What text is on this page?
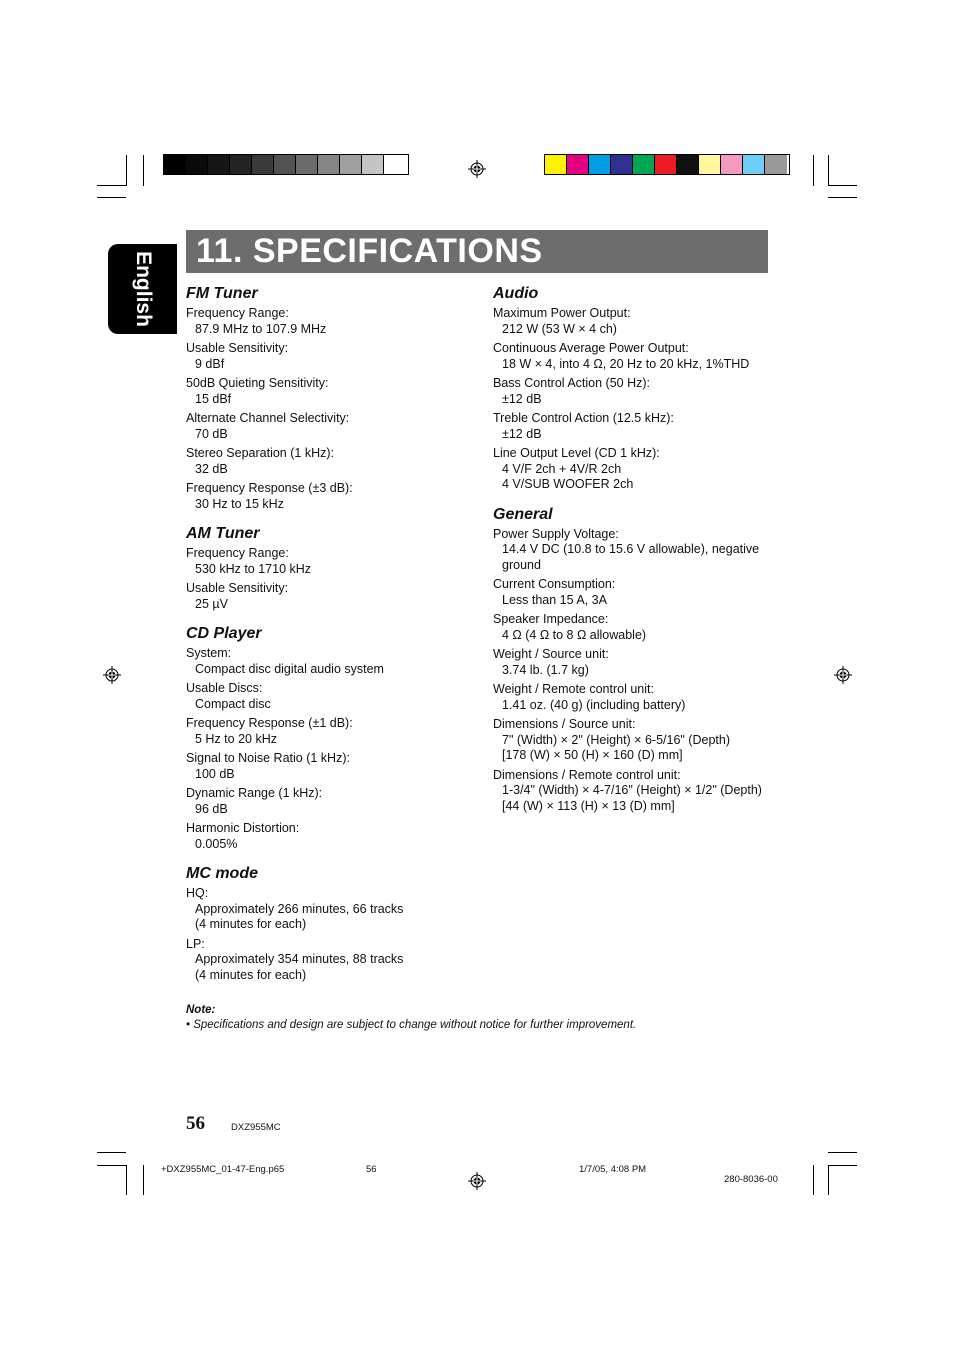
English
11. SPECIFICATIONS
FM Tuner
Frequency Range:
87.9 MHz to 107.9 MHz
Usable Sensitivity:
9 dBf
50dB Quieting Sensitivity:
15 dBf
Alternate Channel Selectivity:
70 dB
Stereo Separation (1 kHz):
32 dB
Frequency Response (±3 dB):
30 Hz to 15 kHz
AM Tuner
Frequency Range:
530 kHz to 1710 kHz
Usable Sensitivity:
25 µV
CD Player
System:
Compact disc digital audio system
Usable Discs:
Compact disc
Frequency Response (±1 dB):
5 Hz to 20 kHz
Signal to Noise Ratio (1 kHz):
100 dB
Dynamic Range (1 kHz):
96 dB
Harmonic Distortion:
0.005%
MC mode
HQ:
Approximately 266 minutes, 66 tracks
(4 minutes for each)
LP:
Approximately 354 minutes, 88 tracks
(4 minutes for each)
Audio
Maximum Power Output:
212 W (53 W × 4 ch)
Continuous Average Power Output:
18 W × 4, into 4 Ω, 20 Hz to 20 kHz, 1%THD
Bass Control Action (50 Hz):
±12 dB
Treble Control Action (12.5 kHz):
±12 dB
Line Output Level (CD 1 kHz):
4 V/F 2ch + 4V/R 2ch
4 V/SUB WOOFER 2ch
General
Power Supply Voltage:
14.4 V DC (10.8 to 15.6 V allowable), negative
ground
Current Consumption:
Less than 15 A, 3A
Speaker Impedance:
4 Ω (4 Ω to 8 Ω allowable)
Weight / Source unit:
3.74 lb. (1.7 kg)
Weight / Remote control unit:
1.41 oz. (40 g) (including battery)
Dimensions / Source unit:
7" (Width) × 2" (Height) × 6-5/16" (Depth)
[178 (W) × 50 (H) × 160 (D) mm]
Dimensions / Remote control unit:
1-3/4" (Width) × 4-7/16" (Height) × 1/2" (Depth)
[44 (W) × 113 (H) × 13 (D) mm]
Note:
• Specifications and design are subject to change without notice for further improvement.
56	DXZ955MC
+DXZ955MC_01-47-Eng.p65	56	1/7/05, 4:08 PM
280-8036-00
